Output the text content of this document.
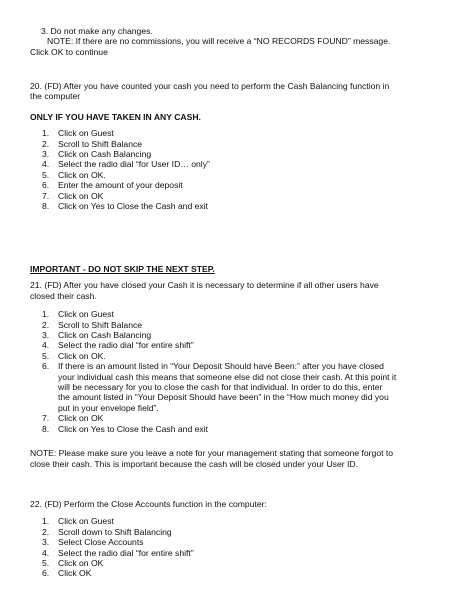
3. Do not make any changes.

NOTE: If there are no commissions, you will receive a “NO RECORDS FOUND” message.

Click OK to continue

20. (FD) After you have counted your cash you need to perform the Cash Balancing function in

the computer

ONLY IF YOU HAVE TAKEN IN ANY CASH.

1. Click on Guest
2. Scroll to Shift Balance
3. Click on Cash Balancing
4. Select the radio dial “for User ID… only”
5. Click on OK.
6. Enter the amount of your deposit
7. Click on OK
8. Click on Yes to Close the Cash and exit

IMPORTANT - DO NOT SKIP THE NEXT STEP.

21. (FD) After you have closed your Cash it is necessary to determine if all other users have

closed their cash.

1. Click on Guest
2. Scroll to Shift Balance
3. Click on Cash Balancing
4. Select the radio dial “for entire shift”
5. Click on OK.
6. If there is an amount listed in “Your Deposit Should have Been:” after you have closed
your individual cash this means that someone else did not close their cash. At this point it
will be necessary for you to close the cash for that individual. In order to do this, enter
the amount listed in “Your Deposit Should have been” in the “How much money did you
put in your envelope field”.
7. Click on OK
8. Click on Yes to Close the Cash and exit

NOTE: Please make sure you leave a note for your management stating that someone forgot to

close their cash. This is important because the cash will be closed under your User ID.

22. (FD) Perform the Close Accounts function in the computer:

1. Click on Guest
2. Scroll down to Shift Balancing
3. Select Close Accounts
4. Select the radio dial “for entire shift”
5. Click on OK
6. Click OK
